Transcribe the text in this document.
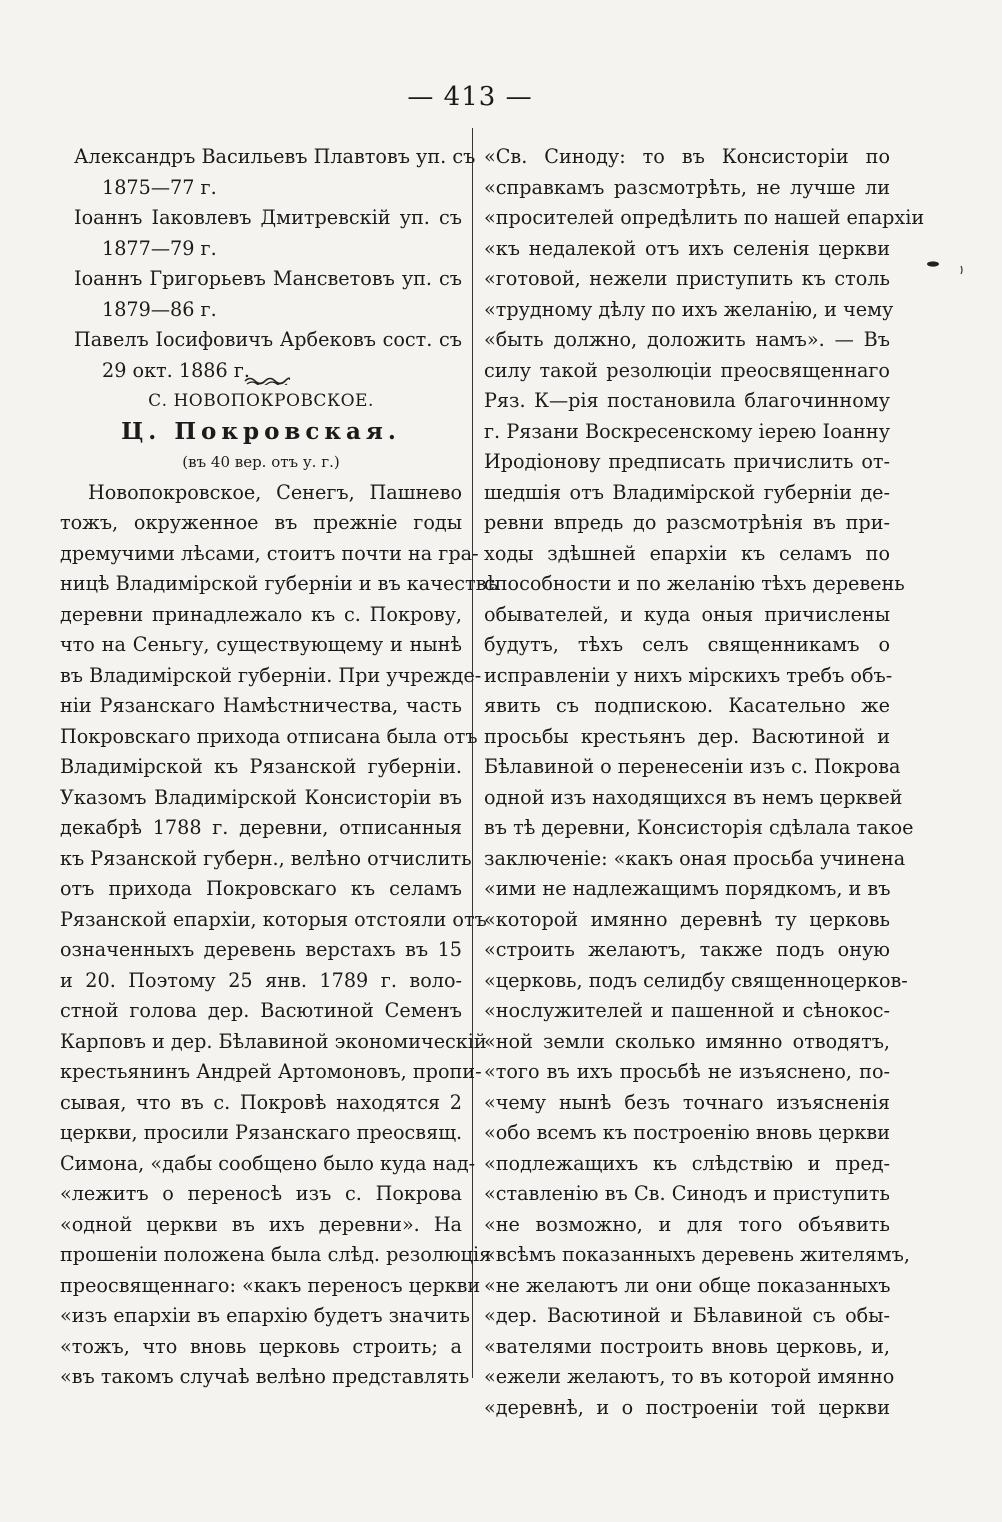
— 413 —
Александръ Васильевъ Плавтовъ уп. съ
1875—77 г.
Іоаннъ Іаковлевъ Дмитревскій уп. съ
1877—79 г.
Іоаннъ Григорьевъ Мансветовъ уп. съ
1879—86 г.
Павелъ Іосифовичъ Арбековъ сост. съ
29 окт. 1886 г.
С. НОВОПОКРОВСКОЕ.
Ц. Покровская.
(въ 40 вер. отъ у. г.)
Новопокровское, Сенегъ, Пашнево
тожъ, окруженное въ прежніе годы
дремучими лѣсами, стоитъ почти на гра-
ницѣ Владимірской губерніи и въ качествѣ
деревни принадлежало къ с. Покрову,
что на Сеньгу, существующему и нынѣ
въ Владимірской губерніи. При учрежде-
ніи Рязанскаго Намѣстничества, часть
Покровскаго прихода отписана была отъ
Владимірской къ Рязанской губерніи.
Указомъ Владимірской Консисторіи въ
декабрѣ 1788 г. деревни, отписанныя
къ Рязанской губерн., велѣно отчислить
отъ прихода Покровскаго къ селамъ
Рязанской епархіи, которыя отстояли отъ
означенныхъ деревень верстахъ въ 15
и 20. Поэтому 25 янв. 1789 г. воло-
стной голова дер. Васютиной Семенъ
Карповъ и дер. Бѣлавиной экономическій
крестьянинъ Андрей Артомоновъ, пропи-
сывая, что въ с. Покровѣ находятся 2
церкви, просили Рязанскаго преосвящ.
Симона, «дабы сообщено было куда над-
«лежитъ о переносѣ изъ с. Покрова
«одной церкви въ ихъ деревни». На
прошеніи положена была слѣд. резолюція
преосвященнаго: «какъ переносъ церкви
«изъ епархіи въ епархію будетъ значить
«тожъ, что вновь церковь строить; а
«въ такомъ случаѣ велѣно представлять
«Св. Синоду: то въ Консисторіи по
«справкамъ разсмотрѣть, не лучше ли
«просителей опредѣлить по нашей епархіи
«къ недалекой отъ ихъ селенія церкви
«готовой, нежели приступить къ столь
«трудному дѣлу по ихъ желанію, и чему
«быть должно, доложить намъ». — Въ
силу такой резолюціи преосвященнаго
Ряз. К—рія постановила благочинному
г. Рязани Воскресенскому іерею Іоанну
Иродіонову предписать причислить от-
шедшія отъ Владимірской губерніи де-
ревни впредь до разсмотрѣнія въ при-
ходы здѣшней епархіи къ селамъ по
способности и по желанію тѣхъ деревень
обывателей, и куда оныя причислены
будутъ, тѣхъ селъ священникамъ о
исправленіи у нихъ мірскихъ требъ объ-
явить съ подпискою. Касательно же
просьбы крестьянъ дер. Васютиной и
Бѣлавиной о перенесеніи изъ с. Покрова
одной изъ находящихся въ немъ церквей
въ тѣ деревни, Консисторія сдѣлала такое
заключеніе: «какъ оная просьба учинена
«ими не надлежащимъ порядкомъ, и въ
«которой имянно деревнѣ ту церковь
«строить желаютъ, также подъ оную
«церковь, подъ селидбу священноцерков-
«нослужителей и пашенной и сѣнокос-
«ной земли сколько имянно отводятъ,
«того въ ихъ просьбѣ не изъяснено, по-
«чему нынѣ безъ точнаго изъясненія
«обо всемъ къ построенію вновь церкви
«подлежащихъ къ слѣдствію и пред-
«ставленію въ Св. Синодъ и приступить
«не возможно, и для того объявить
«всѣмъ показанныхъ деревень жителямъ,
«не желаютъ ли они обще показанныхъ
«дер. Васютиной и Бѣлавиной съ обы-
«вателями построить вновь церковь, и,
«ежели желаютъ, то въ которой имянно
«деревнѣ, и о построеніи той церкви
